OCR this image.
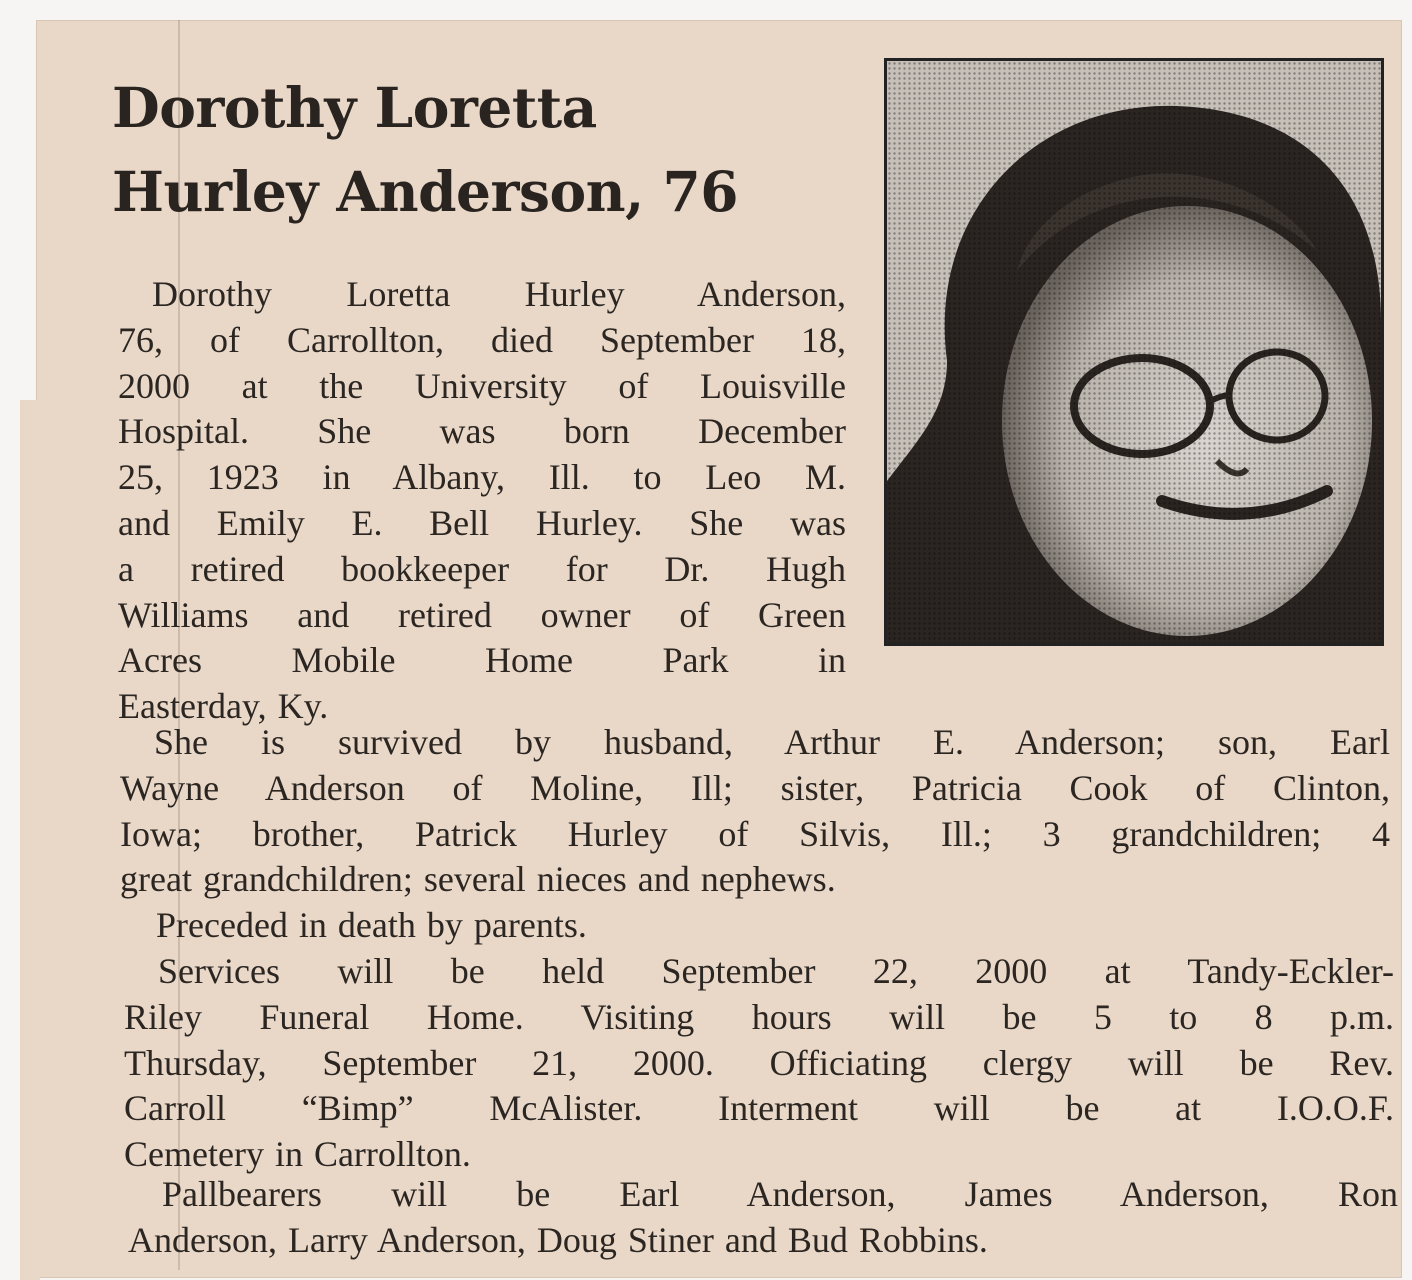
Dorothy Loretta
Hurley Anderson, 76
Dorothy Loretta Hurley Anderson,
76, of Carrollton, died September 18,
2000 at the University of Louisville
Hospital. She was born December
25, 1923 in Albany, Ill. to Leo M.
and Emily E. Bell Hurley. She was
a retired bookkeeper for Dr. Hugh
Williams and retired owner of Green
Acres Mobile Home Park in
Easterday, Ky.
She is survived by husband, Arthur E. Anderson; son, Earl
Wayne Anderson of Moline, Ill; sister, Patricia Cook of Clinton,
Iowa; brother, Patrick Hurley of Silvis, Ill.; 3 grandchildren; 4
great grandchildren; several nieces and nephews.
Preceded in death by parents.
Services will be held September 22, 2000 at Tandy-Eckler-
Riley Funeral Home. Visiting hours will be 5 to 8 p.m.
Thursday, September 21, 2000. Officiating clergy will be Rev.
Carroll “Bimp” McAlister. Interment will be at I.O.O.F.
Cemetery in Carrollton.
Pallbearers will be Earl Anderson, James Anderson, Ron
Anderson, Larry Anderson, Doug Stiner and Bud Robbins.
